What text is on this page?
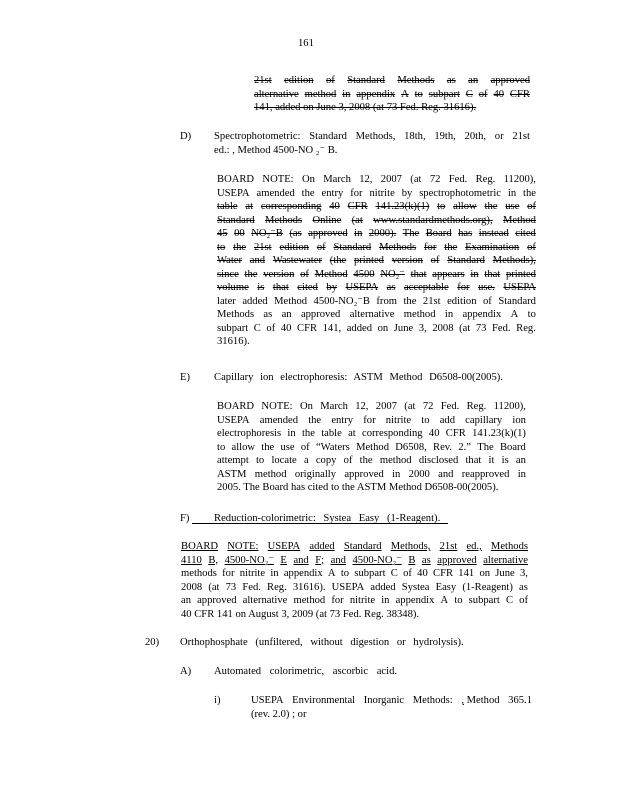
161
21st edition of Standard Methods as an approved
alternative method in appendix A to subpart C of 40 CFR
141, added on June 3, 2008 (at 73 Fed. Reg. 31616).
D) Spectrophotometric: Standard Methods, 18th, 19th, 20th, or 21st
ed.: , Method 4500-NO ₂⁻ B.
BOARD NOTE: On March 12, 2007 (at 72 Fed. Reg. 11200),
USEPA amended the entry for nitrite by spectrophotometric in the
table at corresponding 40 CFR 141.23(k)(1) to allow the use of
Standard Methods Online (at www.standardmethods.org), Method
45 00 NO₂⁻B (as approved in 2000). The Board has instead cited
to the 21st edition of Standard Methods for the Examination of
Water and Wastewater (the printed version of Standard Methods),
since the version of Method 4500 NO₂⁻ that appears in that printed
volume is that cited by USEPA as acceptable for use. USEPA
later added Method 4500-NO₂⁻B from the 21st edition of Standard
Methods as an approved alternative method in appendix A to
subpart C of 40 CFR 141, added on June 3, 2008 (at 73 Fed. Reg.
31616).
E) Capillary ion electrophoresis: ASTM Method D6508-00(2005).
BOARD NOTE: On March 12, 2007 (at 72 Fed. Reg. 11200),
USEPA amended the entry for nitrite to add capillary ion
electrophoresis in the table at corresponding 40 CFR 141.23(k)(1)
to allow the use of “Waters Method D6508, Rev. 2.” The Board
attempt to locate a copy of the method disclosed that it is an
ASTM method originally approved in 2000 and reapproved in
2005. The Board has cited to the ASTM Method D6508-00(2005).
F) Reduction-colorimetric: Systea Easy (1-Reagent).
BOARD NOTE: USEPA added Standard Methods, 21st ed., Methods
4110 B, 4500-NO₂⁻ E and F; and 4500-NO₂⁻ B as approved alternative
methods for nitrite in appendix A to subpart C of 40 CFR 141 on June 3,
2008 (at 73 Fed. Reg. 31616). USEPA added Systea Easy (1-Reagent) as
an approved alternative method for nitrite in appendix A to subpart C of
40 CFR 141 on August 3, 2009 (at 73 Fed. Reg. 38348).
20) Orthophosphate (unfiltered, without digestion or hydrolysis).
A) Automated colorimetric, ascorbic acid.
i)	USEPA Environmental Inorganic Methods: , Method 365.1
(rev. 2.0) ; or
